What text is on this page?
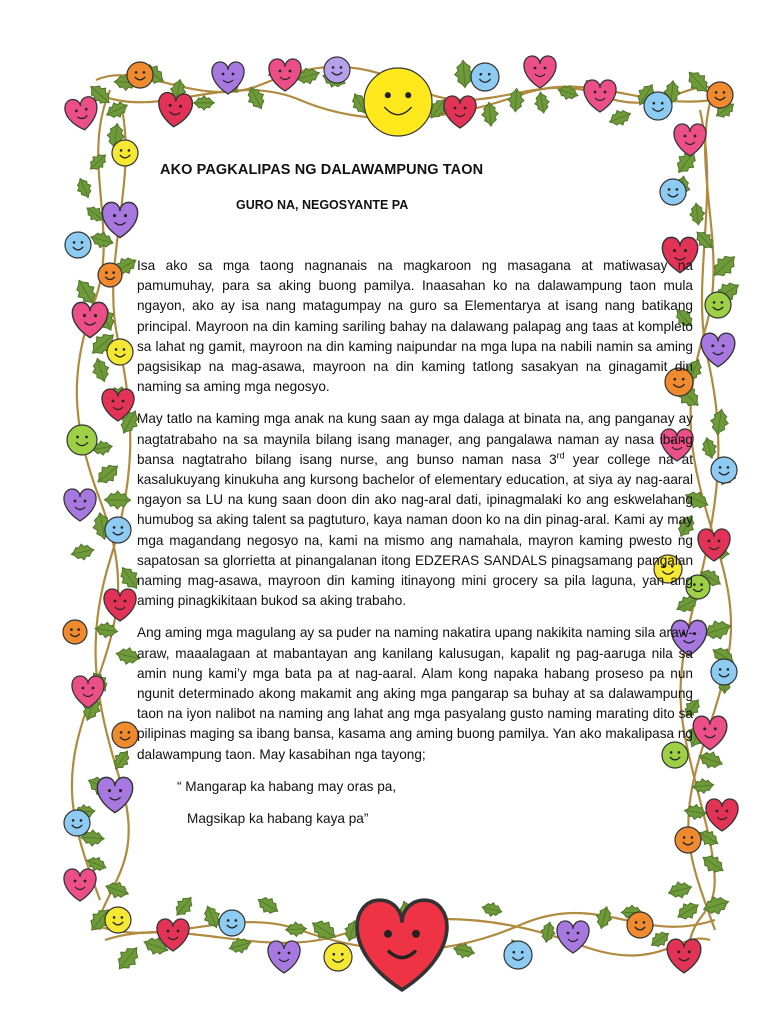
AKO PAGKALIPAS NG DALAWAMPUNG TAON
GURO NA, NEGOSYANTE PA

Isa ako sa mga taong nagnanais na magkaroon ng masagana at matiwasay na pamumuhay, para sa aking buong pamilya. Inaasahan ko na dalawampung taon mula ngayon, ako ay isa nang matagumpay na guro sa Elementarya at isang nang batikang principal. Mayroon na din kaming sariling bahay na dalawang palapag ang taas at kompleto sa lahat ng gamit, mayroon na din kaming naipundar na mga lupa na nabili namin sa aming pagsisikap na mag-asawa, mayroon na din kaming tatlong sasakyan na ginagamit din naming sa aming mga negosyo.

May tatlo na kaming mga anak na kung saan ay mga dalaga at binata na, ang panganay ay nagtatrabaho na sa maynila bilang isang manager, ang pangalawa naman ay nasa ibang bansa nagtatraho bilang isang nurse, ang bunso naman nasa 3rd year college na at kasalukuyang kinukuha ang kursong bachelor of elementary education, at siya ay nag-aaral ngayon sa LU na kung saan doon din ako nag-aral dati, ipinagmalaki ko ang eskwelahang humubog sa aking talent sa pagtuturo, kaya naman doon ko na din pinag-aral. Kami ay may mga magandang negosyo na, kami na mismo ang namahala, mayron kaming pwesto ng sapatosan sa glorrietta at pinangalanan itong EDZERAS SANDALS pinagsamang pangalan naming mag-asawa, mayroon din kaming itinayong mini grocery sa pila laguna, yan ang aming pinagkikitaan bukod sa aking trabaho.

Ang aming mga magulang ay sa puder na naming nakatira upang nakikita naming sila araw-araw, maaalagaan at mabantayan ang kanilang kalusugan, kapalit ng pag-aaruga nila sa amin nung kami’y mga bata pa at nag-aaral. Alam kong napaka habang proseso pa nun ngunit determinado akong makamit ang aking mga pangarap sa buhay at sa dalawampung taon na iyon nalibot na naming ang lahat ang mga pasyalang gusto naming marating dito sa pilipinas maging sa ibang bansa, kasama ang aming buong pamilya. Yan ako makalipasa ng dalawampung taon. May kasabihan nga tayong;

“ Mangarap ka habang may oras pa,

Magsikap ka habang kaya pa”
